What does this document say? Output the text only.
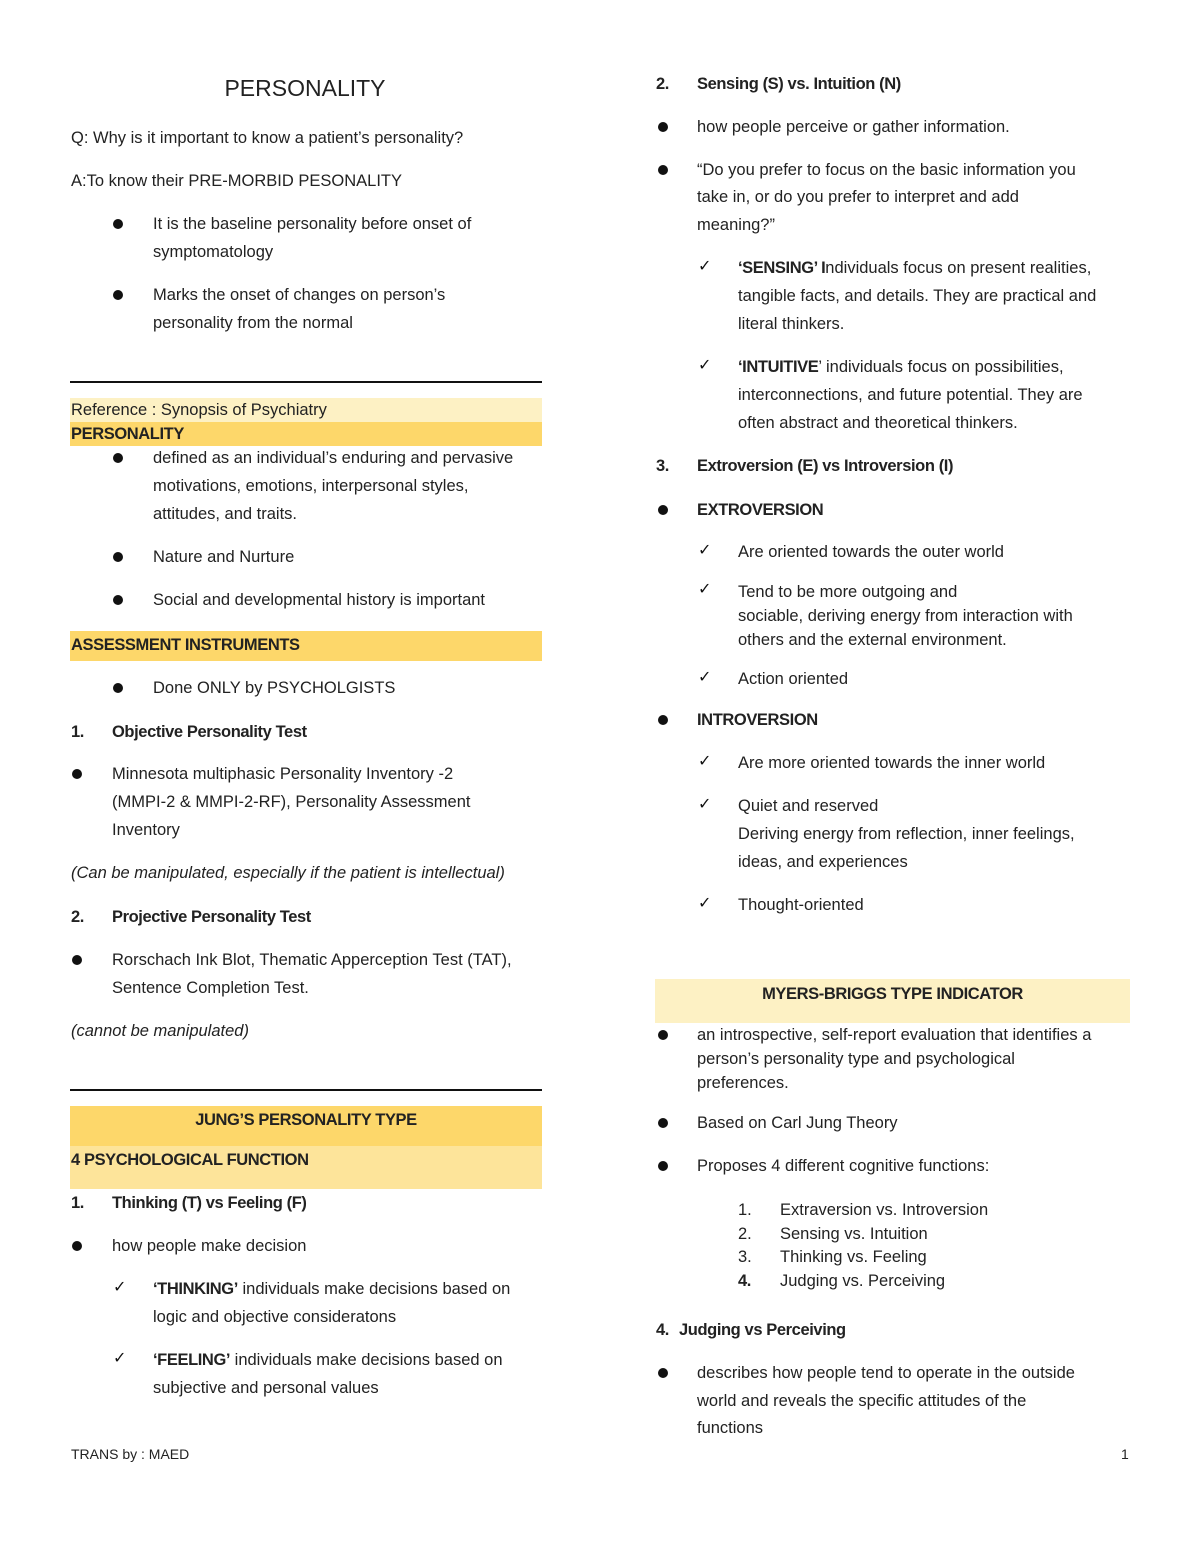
PERSONALITY
Q: Why is it important to know a patient’s personality?
A:To know their PRE-MORBID PESONALITY
It is the baseline personality before onset of
symptomatology
Marks the onset of changes on person’s
personality from the normal
Reference : Synopsis of Psychiatry
PERSONALITY
defined as an individual’s enduring and pervasive
motivations, emotions, interpersonal styles,
attitudes, and traits.
Nature and Nurture
Social and developmental history is important
ASSESSMENT INSTRUMENTS
Done ONLY by PSYCHOLGISTS
1. Objective Personality Test
Minnesota multiphasic Personality Inventory -2
(MMPI-2 & MMPI-2-RF), Personality Assessment
Inventory
(Can be manipulated, especially if the patient is intellectual)
2. Projective Personality Test
Rorschach Ink Blot, Thematic Apperception Test (TAT),
Sentence Completion Test.
(cannot be manipulated)
JUNG’S PERSONALITY TYPE
4 PSYCHOLOGICAL FUNCTION
1. Thinking (T) vs Feeling (F)
how people make decision
✓ ‘THINKING’ individuals make decisions based on
logic and objective consideratons
✓ ‘FEELING’ individuals make decisions based on
subjective and personal values
TRANS by : MAED
2. Sensing (S) vs. Intuition (N)
how people perceive or gather information.
“Do you prefer to focus on the basic information you
take in, or do you prefer to interpret and add
meaning?”
✓ ‘SENSING’ Individuals focus on present realities,
tangible facts, and details. They are practical and
literal thinkers.
✓ ‘INTUITIVE’ individuals focus on possibilities,
interconnections, and future potential. They are
often abstract and theoretical thinkers.
3. Extroversion (E) vs Introversion (I)
EXTROVERSION
✓ Are oriented towards the outer world
✓ Tend to be more outgoing and
sociable, deriving energy from interaction with
others and the external environment.
✓ Action oriented
INTROVERSION
✓ Are more oriented towards the inner world
✓ Quiet and reserved
Deriving energy from reflection, inner feelings,
ideas, and experiences
✓ Thought-oriented
MYERS-BRIGGS TYPE INDICATOR
an introspective, self-report evaluation that identifies a
person’s personality type and psychological
preferences.
Based on Carl Jung Theory
Proposes 4 different cognitive functions:
1. Extraversion vs. Introversion
2. Sensing vs. Intuition
3. Thinking vs. Feeling
4. Judging vs. Perceiving
4. Judging vs Perceiving
describes how people tend to operate in the outside
world and reveals the specific attitudes of the
functions
1
